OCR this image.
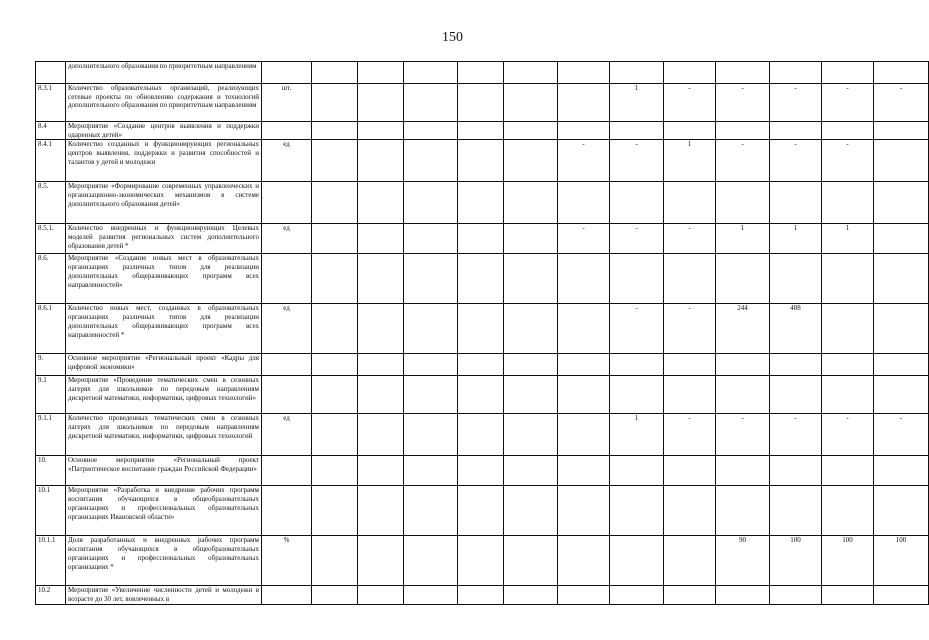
150
	дополнительного образования по приоритетным направлениям													
8.3.1	Количество образовательных организаций, реализующих сетевые проекты по обновлению содержания и технологий дополнительного образования по приоритетным направлениям	шт.							1	-	-	-	-	-
8.4	Мероприятие «Создание центров выявления и поддержки одаренных детей»													
8.4.1	Количество созданных и функционирующих региональных центров выявления, поддержки и развития способностей и талантов у детей и молодежи	ед						-	-	1	-	-	-	
8.5.	Мероприятие «Формирование современных управленческих и организационно-экономических механизмов в системе дополнительного образования детей»													
8.5.1.	Количество внедренных и функционирующих Целевых моделей развития региональных систем дополнительного образования детей *	ед						-	-	-	1	1	1	
8.6.	Мероприятие «Создание новых мест в образовательных организациях различных типов для реализации дополнительных общеразвивающих программ всех направленностей»													
8.6.1	Количество новых мест, созданных в образовательных организациях различных типов для реализации дополнительных общеразвивающих программ всех направленностей *	ед							-	-	244	488		
9.	Основное мероприятие «Региональный проект «Кадры для цифровой экономики»													
9.1	Мероприятие «Проведение тематических смен в сезонных лагерях для школьников по передовым направлениям дискретной математики, информатики, цифровых технологий»													
9.1.1	Количество проведенных тематических смен в сезонных лагерях для школьников по передовым направлениям дискретной математики, информатики, цифровых технологий	ед							1	-	-	-	-	-
10.	Основное мероприятие «Региональный проект «Патриотическое воспитание граждан Российской Федерации»													
10.1	Мероприятие «Разработка и внедрение рабочих программ воспитания обучающихся в общеобразовательных организациях и профессиональных образовательных организациях Ивановской области»													
10.1.1	Доля разработанных и внедренных рабочих программ воспитания обучающихся в общеобразовательных организациях и профессиональных образовательных организациях *	%									90	100	100	100
10.2	Мероприятие «Увеличение численности детей и молодежи в возрасте до 30 лет, вовлеченных в													
